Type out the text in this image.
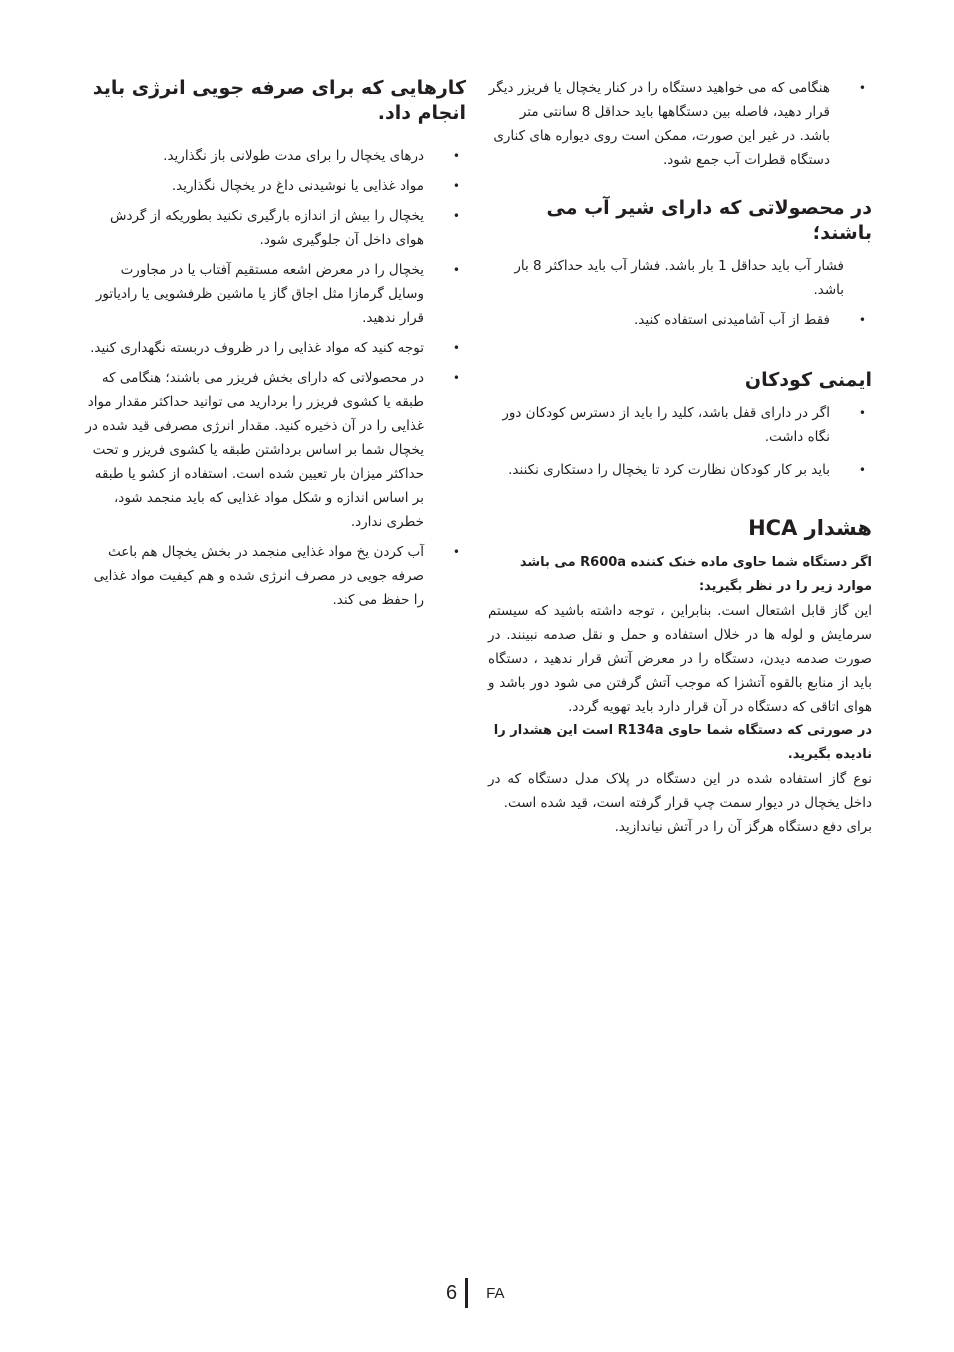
•
هنگامی که می خواهید دستگاه را در کنار یخچال یا فریزر دیگر قرار دهید، فاصله بین دستگاهها باید حداقل 8 سانتی متر باشد. در غیر این صورت، ممکن است روی دیواره های کناری دستگاه قطرات آب جمع شود.
در محصولاتی که دارای شیر آب می باشند؛

فشار آب باید حداقل 1 بار باشد. فشار آب باید حداکثر 8 بار باشد.

•
فقط از آب آشامیدنی استفاده کنید.
ایمنی کودکان
•
اگر در دارای قفل باشد، کلید را باید از دسترس کودکان دور نگاه داشت.
•
باید بر کار کودکان نظارت کرد تا یخچال را دستکاری نکنند.
هشدار HCA

اگر دستگاه شما حاوی ماده خنک کننده R600a می باشد موارد زیر را در نظر بگیرید:

این گاز قابل اشتعال است. بنابراین ، توجه داشته باشید که سیستم سرمایش و لوله ها در خلال استفاده و حمل و نقل صدمه نبینند. در صورت صدمه دیدن، دستگاه را در معرض آتش قرار ندهید ، دستگاه باید از منابع بالقوه آتشزا که موجب آتش گرفتن می شود دور باشد و هوای اتاقی که دستگاه در آن قرار دارد باید تهویه گردد.

در صورتی که دستگاه شما حاوی R134a است این هشدار را نادیده بگیرید.

نوع گاز استفاده شده در این دستگاه در پلاک مدل دستگاه که در داخل یخچال در دیوار سمت چپ قرار گرفته است، قید شده است.

برای دفع دستگاه هرگز آن را در آتش نیاندازید.

کارهایی که برای صرفه جویی انرژی باید انجام داد.
•
درهای یخچال را برای مدت طولانی باز نگذارید.
•
مواد غذایی یا نوشیدنی داغ در یخچال نگذارید.
•
یخچال را بیش از اندازه بارگیری نکنید بطوریکه از گردش هوای داخل آن جلوگیری شود.
•
یخچال را در معرض اشعه مستقیم آفتاب یا در مجاورت وسایل گرمازا مثل اجاق گاز یا ماشین ظرفشویی یا رادیاتور قرار ندهید.
•
توجه کنید که مواد غذایی را در ظروف دربسته نگهداری کنید.
•
در محصولاتی که دارای بخش فریزر می باشند؛ هنگامی که طبقه یا کشوی فریزر را بردارید می توانید حداکثر مقدار مواد غذایی را در آن ذخیره کنید. مقدار انرژی مصرفی قید شده در یخچال شما بر اساس برداشتن طبقه یا کشوی فریزر و تحت حداکثر میزان بار تعیین شده است. استفاده از کشو یا طبقه بر اساس اندازه و شکل مواد غذایی که باید منجمد شود، خطری ندارد.
•
آب کردن یخ مواد غذایی منجمد در بخش یخچال هم باعث صرفه جویی در مصرف انرژی شده و هم کیفیت مواد غذایی را حفظ می کند.
6 FA
